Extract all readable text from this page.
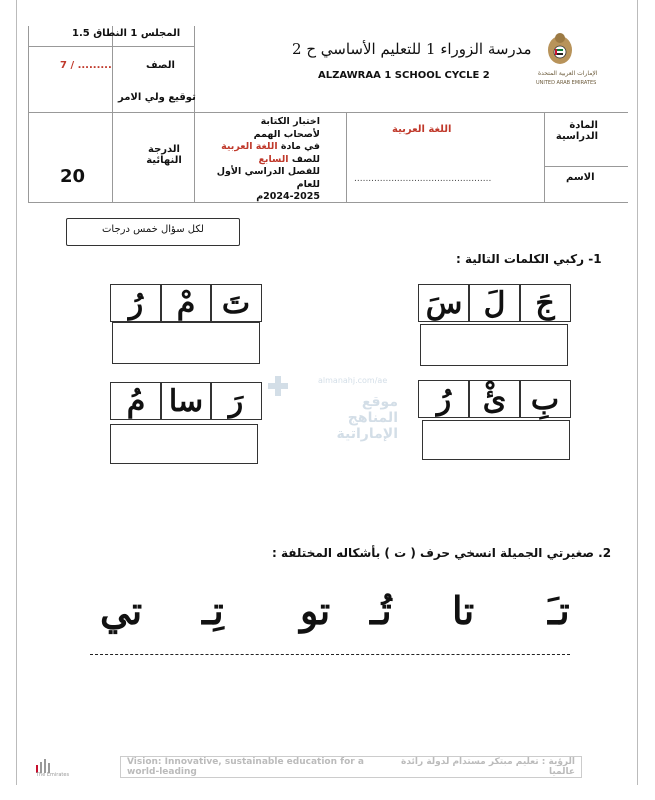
المجلس 1 النطاق 1.5
الصف
7 / .........
توقيع ولي الامر
الدرجة النهائية
20
اختبار الكتابة
لأصحاب الهمم
في مادة اللغة العربية
للصف السابع
للفصل الدراسي الأول للعام
2024-2025م
المادة الدراسية
اللغة العربية
الاسم
................................................
مدرسة الزوراء 1 للتعليم الأساسي ح 2
ALZAWRAA 1 SCHOOL CYCLE 2	الإمارات العربية المتحدة
UNITED ARAB EMIRATES
لكل سؤال خمس درجات
1- ركبي الكلمات التالية :
جَ
لَ
سَ
تَ
مْ
رُ
بِ
ئْ
رُ
رَ
سا
مُ
almanahj.com/ae
موقع المناهج الإماراتية
2. صغيرتي الجميلة انسخي حرف ( ت ) بأشكاله المختلفة :
تـَ
تا
تُـ
تو
تِـ
تي
The Emirates
Vision: Innovative, sustainable education for a world-leading
الرؤية : تعليم مبتكر مستدام لدولة رائدة عالميا
